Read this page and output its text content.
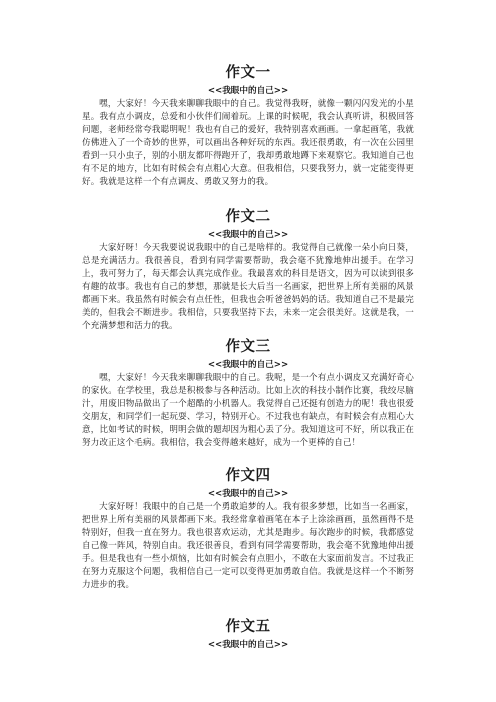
作文一
<<我眼中的自己>>

嘿，大家好！今天我来聊聊我眼中的自己。我觉得我呀，就像一颗闪闪发光的小星星。我有点小调皮，总爱和小伙伴们闹着玩。上课的时候呢，我会认真听讲，积极回答问题，老师经常夸我聪明呢！我也有自己的爱好，我特别喜欢画画。一拿起画笔，我就仿佛进入了一个奇妙的世界，可以画出各种好玩的东西。我还很勇敢，有一次在公园里看到一只小虫子，别的小朋友都吓得跑开了，我却勇敢地蹲下来观察它。我知道自己也有不足的地方，比如有时候会有点粗心大意。但我相信，只要我努力，就一定能变得更好。我就是这样一个有点调皮、勇敢又努力的我。

作文二
<<我眼中的自己>>

大家好呀！今天我要说说我眼中的自己是啥样的。我觉得自己就像一朵小向日葵，总是充满活力。我很善良，看到有同学需要帮助，我会毫不犹豫地伸出援手。在学习上，我可努力了，每天都会认真完成作业。我最喜欢的科目是语文，因为可以读到很多有趣的故事。我也有自己的梦想，那就是长大后当一名画家，把世界上所有美丽的风景都画下来。我虽然有时候会有点任性，但我也会听爸爸妈妈的话。我知道自己不是最完美的，但我会不断进步。我相信，只要我坚持下去，未来一定会很美好。这就是我，一个充满梦想和活力的我。

作文三
<<我眼中的自己>>

嘿，大家好！今天我来聊聊我眼中的自己。我呢，是一个有点小调皮又充满好奇心的家伙。在学校里，我总是积极参与各种活动。比如上次的科技小制作比赛，我绞尽脑汁，用废旧物品做出了一个超酷的小机器人。我觉得自己还挺有创造力的呢！我也很爱交朋友，和同学们一起玩耍、学习，特别开心。不过我也有缺点，有时候会有点粗心大意，比如考试的时候，明明会做的题却因为粗心丢了分。我知道这可不好，所以我正在努力改正这个毛病。我相信，我会变得越来越好，成为一个更棒的自己！

作文四
<<我眼中的自己>>

大家好呀！我眼中的自己是一个勇敢追梦的人。我有很多梦想，比如当一名画家，把世界上所有美丽的风景都画下来。我经常拿着画笔在本子上涂涂画画，虽然画得不是特别好，但我一直在努力。我也很喜欢运动，尤其是跑步。每次跑步的时候，我都感觉自己像一阵风，特别自由。我还很善良，看到有同学需要帮助，我会毫不犹豫地伸出援手。但是我也有一些小烦恼，比如有时候会有点胆小，不敢在大家面前发言。不过我正在努力克服这个问题，我相信自己一定可以变得更加勇敢自信。我就是这样一个不断努力进步的我。

作文五
<<我眼中的自己>>
